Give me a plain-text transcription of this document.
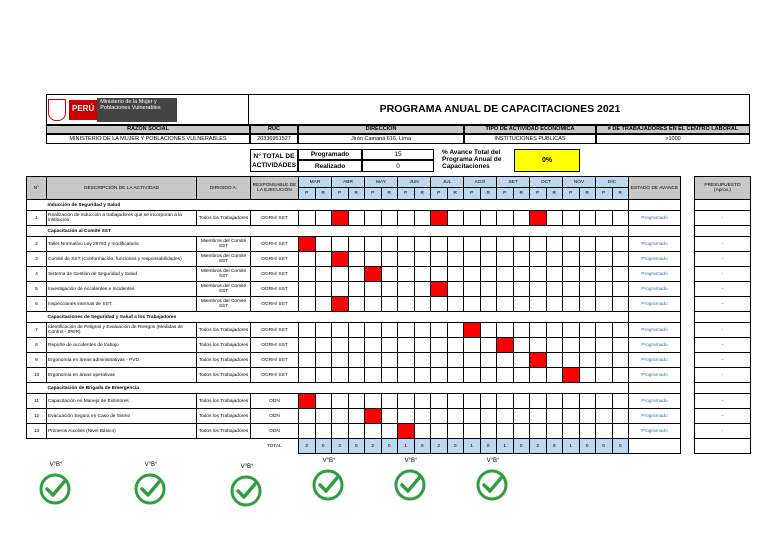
PERÚ
Ministerio de la Mujer y Poblaciones Vulnerables	PROGRAMA ANUAL DE CAPACITACIONES 2021
RAZÓN SOCIAL
MINISTERIO DE LA MUJER Y POBLACIONES VULNERABLES
RUC
20336951527
DIRECCIÓN
Jirón Camaná 616, Lima
TIPO DE ACTIVIDAD ECONOMICA
INSTITUCIONES PUBLICAS
# DE TRABAJADORES EN EL CENTRO LABORAL
>1000
N° TOTAL DE ACTIVIDADES
Programado	15
Realizado	0
% Avance Total del Programa Anual de Capacitaciones
0%
N°	DESCRIPCIÓN DE LA ACTIVIDAD	DIRIGIDO A:	RESPONSABLE DE LA EJECUCIÓN	MAR		ABR		MAY		JUN		JUL		AGO		SET		OCT		NOV		DIC		ESTADO DE AVANCE		PRESUPUESTO (Aprox.)
				P	R	P	R	P	R	P	R	P	R	P	R	P	R	P	R	P	R	P	R			
	Inducción de Seguridad y Salud																									
1	Realización de inducción a trabajadores que se incorporan a la institución	Todos los Trabajadores	OGRH/ SST																					Programado		-
	Capacitación al Comité SST																									
2	Taller Normativo Ley 29783 y modificatoria	Miembros del Comité SST	OGRH/ SST																					Programado		-
3	Comité de SST (Conformación, funciones y responsabilidades)	Miembros del Comité SST	OGRH/ SST																					Programado		-
4	Sistema de Gestión de Seguridad y Salud	Miembros del Comité SST	OGRH/ SST																					Programado		-
5	Investigación de Accidentes e Incidentes	Miembros del Comité SST	OGRH/ SST																					Programado		-
6	Inspecciones internas de SST.	Miembros del Comité SST	OGRH/ SST																					Programado		-
	Capacitaciones de Seguridad y Salud a los Trabajadores																									
7	Identificación de Peligros y Evaluación de Riesgos (Medidas de Control - IPER)	Todos los Trabajadores	OGRH/ SST																					Programado		-
8	Reporte de accidentes de trabajo	Todos los Trabajadores	OGRH/ SST																					Programado		-
9	Ergonomía en áreas administrativas - PVD.	Todos los Trabajadores	OGRH/ SST																					Programado		-
10	Ergonomía en áreas operativas	Todos los Trabajadores	OGRH/ SST																					Programado		-
	Capacitación de Brigada de Emergencia																									
11	Capacitación en Manejo de Extintores	Todos los Trabajadores	ODN																					Programado		-
12	Evacuación Segura en Caso de Sismo	Todos los Trabajadores	ODN																					Programado		-
13	Primeros Auxilios (Nivel Básico)	Todos los Trabajadores	ODN																					Programado		-
			TOTAL	2	0	3	0	2	0	1	0	2	0	1	0	1	0	2	0	1	0	0	0			
V°B°	V°B°	V°B°
V°B°	V°B°	V°B°
